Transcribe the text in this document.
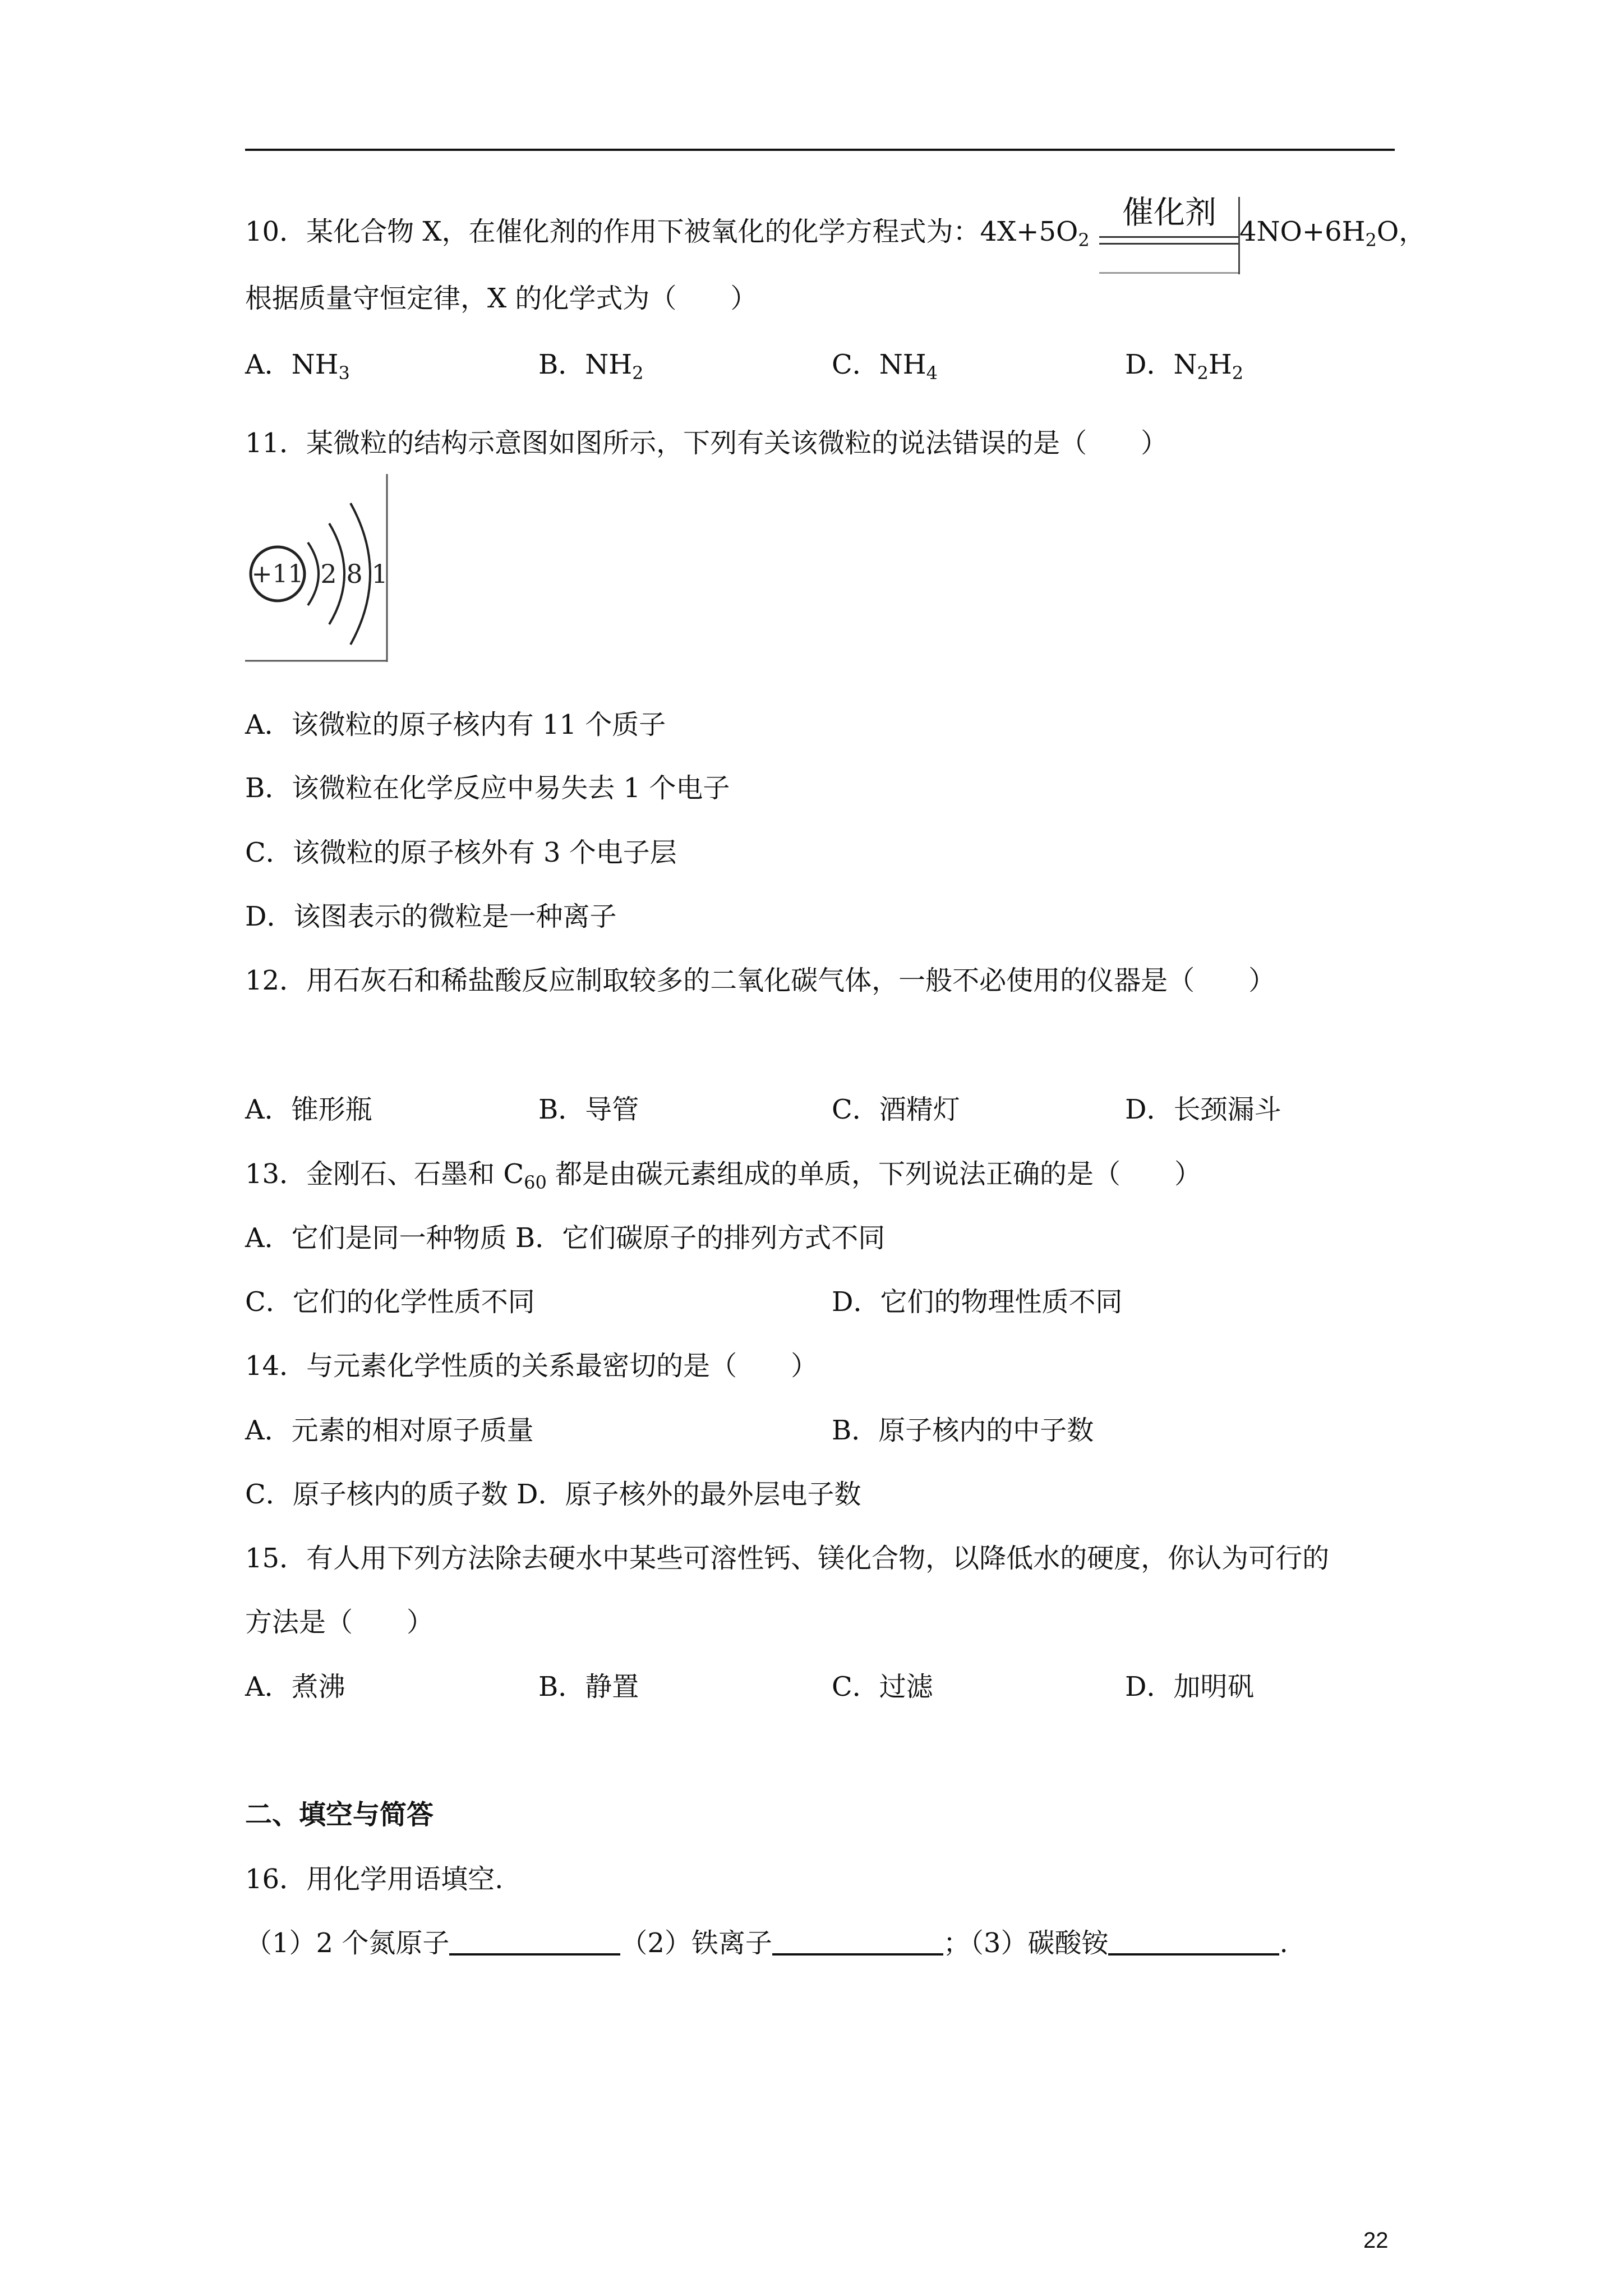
10．某化合物 X，在催化剂的作用下被氧化的化学方程式为：$4X+5O_2$
催化剂
$4NO+6H_2O$，
根据质量守恒定律，X 的化学式为（　　）
A．$NH_3$	B．$NH_2$	C．$NH_4$	D．$N_2H_2$
11．某微粒的结构示意图如图所示，下列有关该微粒的说法错误的是（　　）
+11 2 8 1
A．该微粒的原子核内有 11 个质子
B．该微粒在化学反应中易失去 1 个电子
C．该微粒的原子核外有 3 个电子层
D．该图表示的微粒是一种离子
12．用石灰石和稀盐酸反应制取较多的二氧化碳气体，一般不必使用的仪器是（　　）
A．锥形瓶	B．导管	C．酒精灯	D．长颈漏斗
13．金刚石、石墨和 $C_{60}$ 都是由碳元素组成的单质，下列说法正确的是（　　）
A．它们是同一种物质 B．它们碳原子的排列方式不同
C．它们的化学性质不同	D．它们的物理性质不同
14．与元素化学性质的关系最密切的是（　　）
A．元素的相对原子质量	B．原子核内的中子数
C．原子核内的质子数 D．原子核外的最外层电子数
15．有人用下列方法除去硬水中某些可溶性钙、镁化合物，以降低水的硬度，你认为可行的
方法是（　　）
A．煮沸	B．静置	C．过滤	D．加明矾
二、填空与简答
16．用化学用语填空.
（1）2 个氮原子	（2）铁离子	；（3）碳酸铵	.
22
